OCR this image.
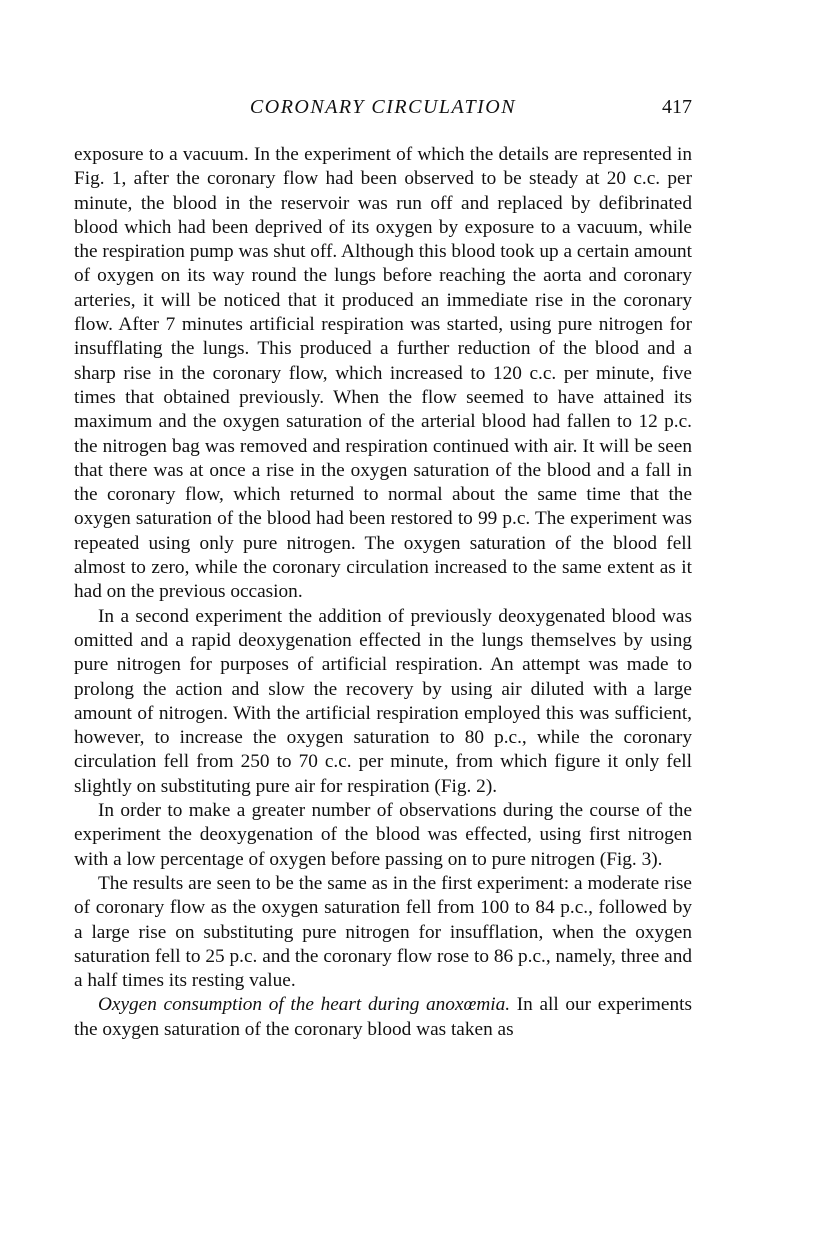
CORONARY CIRCULATION	417

exposure to a vacuum. In the experiment of which the details are represented in Fig. 1, after the coronary flow had been observed to be steady at 20 c.c. per minute, the blood in the reservoir was run off and replaced by defibrinated blood which had been deprived of its oxygen by exposure to a vacuum, while the respiration pump was shut off. Although this blood took up a certain amount of oxygen on its way round the lungs before reaching the aorta and coronary arteries, it will be noticed that it produced an immediate rise in the coronary flow. After 7 minutes artificial respiration was started, using pure nitrogen for insufflating the lungs. This produced a further reduction of the blood and a sharp rise in the coronary flow, which increased to 120 c.c. per minute, five times that obtained previously. When the flow seemed to have attained its maximum and the oxygen saturation of the arterial blood had fallen to 12 p.c. the nitrogen bag was removed and respiration continued with air. It will be seen that there was at once a rise in the oxygen saturation of the blood and a fall in the coronary flow, which returned to normal about the same time that the oxygen saturation of the blood had been restored to 99 p.c. The experiment was repeated using only pure nitrogen. The oxygen saturation of the blood fell almost to zero, while the coronary circulation increased to the same extent as it had on the previous occasion.

In a second experiment the addition of previously deoxygenated blood was omitted and a rapid deoxygenation effected in the lungs themselves by using pure nitrogen for purposes of artificial respiration. An attempt was made to prolong the action and slow the recovery by using air diluted with a large amount of nitrogen. With the artificial respiration employed this was sufficient, however, to increase the oxygen saturation to 80 p.c., while the coronary circulation fell from 250 to 70 c.c. per minute, from which figure it only fell slightly on substituting pure air for respiration (Fig. 2).

In order to make a greater number of observations during the course of the experiment the deoxygenation of the blood was effected, using first nitrogen with a low percentage of oxygen before passing on to pure nitrogen (Fig. 3).

The results are seen to be the same as in the first experiment: a moderate rise of coronary flow as the oxygen saturation fell from 100 to 84 p.c., followed by a large rise on substituting pure nitrogen for insufflation, when the oxygen saturation fell to 25 p.c. and the coronary flow rose to 86 p.c., namely, three and a half times its resting value.

Oxygen consumption of the heart during anoxœmia. In all our experiments the oxygen saturation of the coronary blood was taken as
